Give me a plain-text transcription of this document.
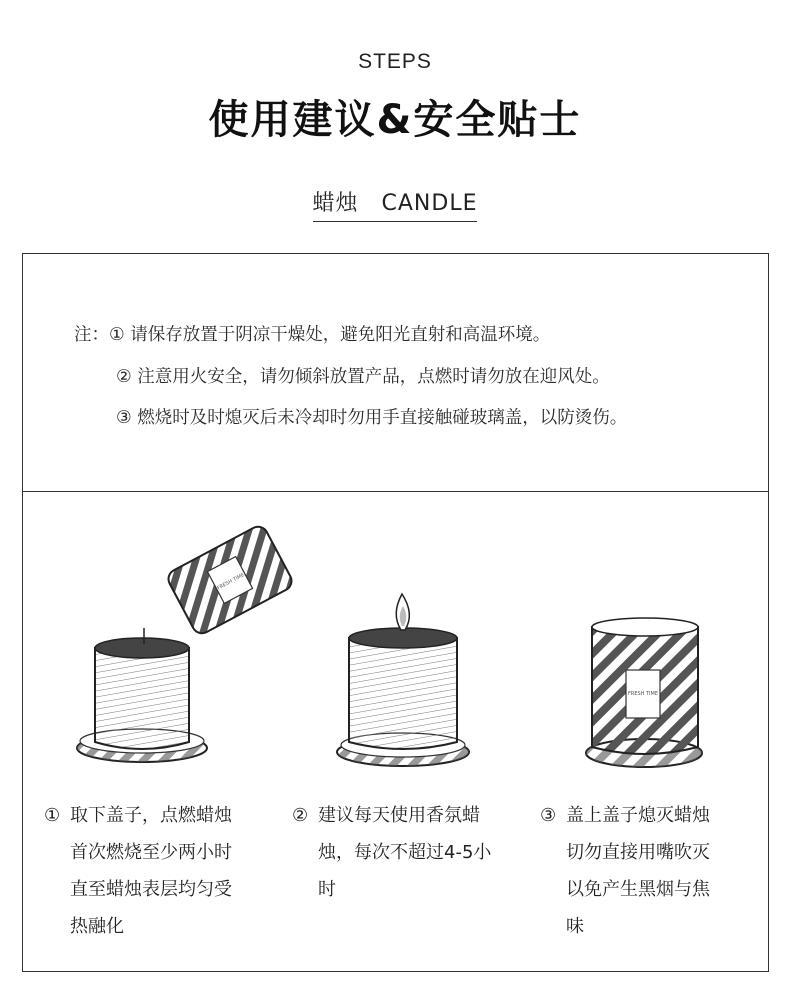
STEPS
使用建议&安全贴士
蜡烛　CANDLE
注：① 请保存放置于阴凉干燥处，避免阳光直射和高温环境。
② 注意用火安全，请勿倾斜放置产品，点燃时请勿放在迎风处。
③ 燃烧时及时熄灭后未冷却时勿用手直接触碰玻璃盖，以防烫伤。
FRESH TIME
FRESH TIME
① 取下盖子，点燃蜡烛
首次燃烧至少两小时
直至蜡烛表层均匀受
热融化
② 建议每天使用香氛蜡
烛，每次不超过4-5小
时
③ 盖上盖子熄灭蜡烛
切勿直接用嘴吹灭
以免产生黑烟与焦
味
